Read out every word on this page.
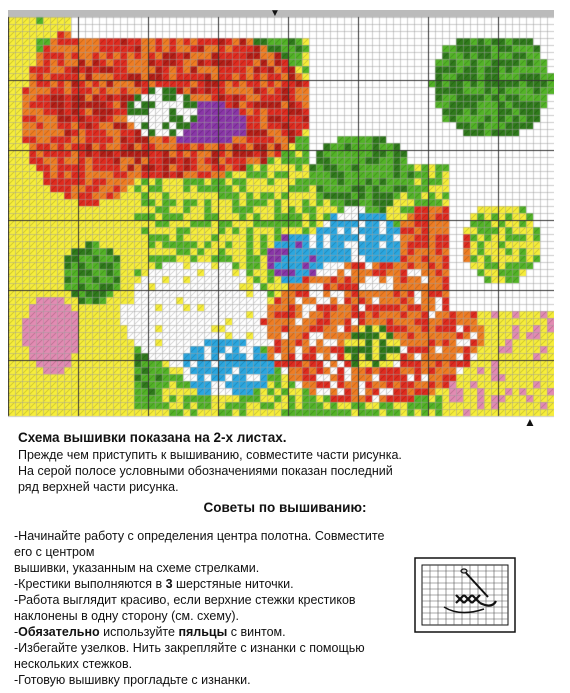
▼
▲
Схема вышивки показана на 2-х листах.
Прежде чем приступить к вышиванию, совместите части рисунка.
На серой полосе условными обозначениями показан последний
ряд верхней части рисунка.
Советы по вышиванию:
-Начинайте работу с определения центра полотна. Совместите его с центром
вышивки, указанным на схеме стрелками.
-Крестики выполняются в 3 шерстяные ниточки.
-Работа выглядит красиво, если верхние стежки крестиков
наклонены в одну сторону (см. схему).
-Обязательно используйте пяльцы с винтом.
-Избегайте узелков. Нить закрепляйте с изнанки с помощью
нескольких стежков.
-Готовую вышивку прогладьте с изнанки.
